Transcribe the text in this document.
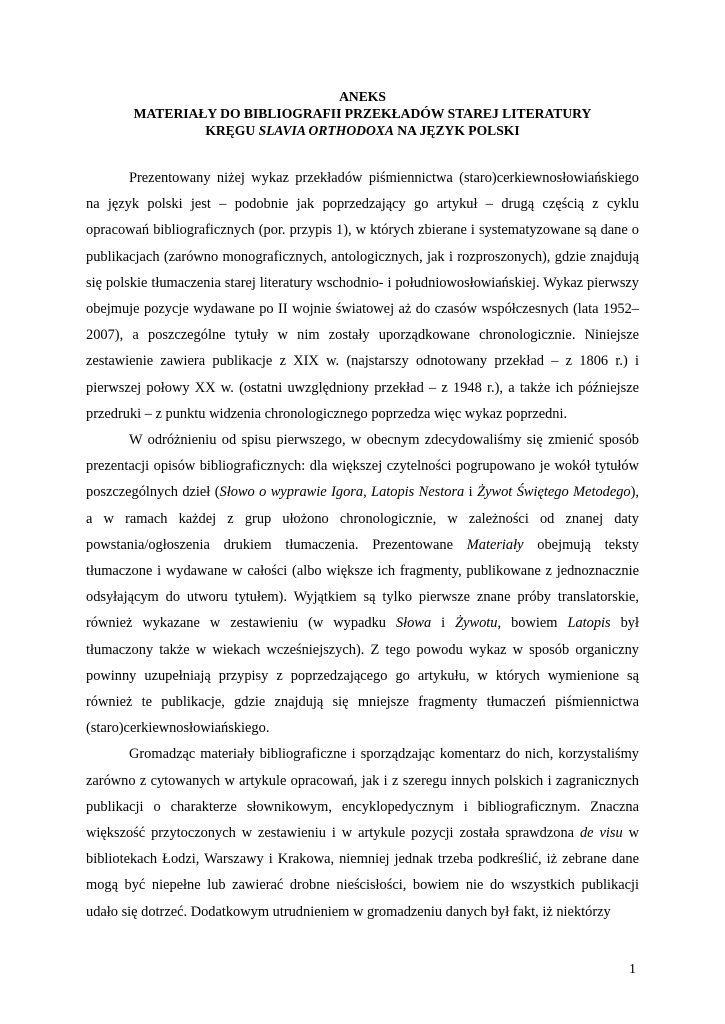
ANEKS
MATERIAŁY DO BIBLIOGRAFII PRZEKŁADÓW STAREJ LITERATURY
KRĘGU SLAVIA ORTHODOXA NA JĘZYK POLSKI

Prezentowany niżej wykaz przekładów piśmiennictwa (staro)cerkiewnosłowiańskiego na język polski jest – podobnie jak poprzedzający go artykuł – drugą częścią z cyklu opracowań bibliograficznych (por. przypis 1), w których zbierane i systematyzowane są dane o publikacjach (zarówno monograficznych, antologicznych, jak i rozproszonych), gdzie znajdują się polskie tłumaczenia starej literatury wschodnio- i południowosłowiańskiej. Wykaz pierwszy obejmuje pozycje wydawane po II wojnie światowej aż do czasów współczesnych (lata 1952–2007), a poszczególne tytuły w nim zostały uporządkowane chronologicznie. Niniejsze zestawienie zawiera publikacje z XIX w. (najstarszy odnotowany przekład – z 1806 r.) i pierwszej połowy XX w. (ostatni uwzględniony przekład – z 1948 r.), a także ich późniejsze przedruki – z punktu widzenia chronologicznego poprzedza więc wykaz poprzedni.

W odróżnieniu od spisu pierwszego, w obecnym zdecydowaliśmy się zmienić sposób prezentacji opisów bibliograficznych: dla większej czytelności pogrupowano je wokół tytułów poszczególnych dzieł (Słowo o wyprawie Igora, Latopis Nestora i Żywot Świętego Metodego), a w ramach każdej z grup ułożono chronologicznie, w zależności od znanej daty powstania/ogłoszenia drukiem tłumaczenia. Prezentowane Materiały obejmują teksty tłumaczone i wydawane w całości (albo większe ich fragmenty, publikowane z jednoznacznie odsyłającym do utworu tytułem). Wyjątkiem są tylko pierwsze znane próby translatorskie, również wykazane w zestawieniu (w wypadku Słowa i Żywotu, bowiem Latopis był tłumaczony także w wiekach wcześniejszych). Z tego powodu wykaz w sposób organiczny powinny uzupełniają przypisy z poprzedzającego go artykułu, w których wymienione są również te publikacje, gdzie znajdują się mniejsze fragmenty tłumaczeń piśmiennictwa (staro)cerkiewnosłowiańskiego.

Gromadząc materiały bibliograficzne i sporządzając komentarz do nich, korzystaliśmy zarówno z cytowanych w artykule opracowań, jak i z szeregu innych polskich i zagranicznych publikacji o charakterze słownikowym, encyklopedycznym i bibliograficznym. Znaczna większość przytoczonych w zestawieniu i w artykule pozycji została sprawdzona de visu w bibliotekach Łodzi, Warszawy i Krakowa, niemniej jednak trzeba podkreślić, iż zebrane dane mogą być niepełne lub zawierać drobne nieścisłości, bowiem nie do wszystkich publikacji udało się dotrzeć. Dodatkowym utrudnieniem w gromadzeniu danych był fakt, iż niektórzy

1
